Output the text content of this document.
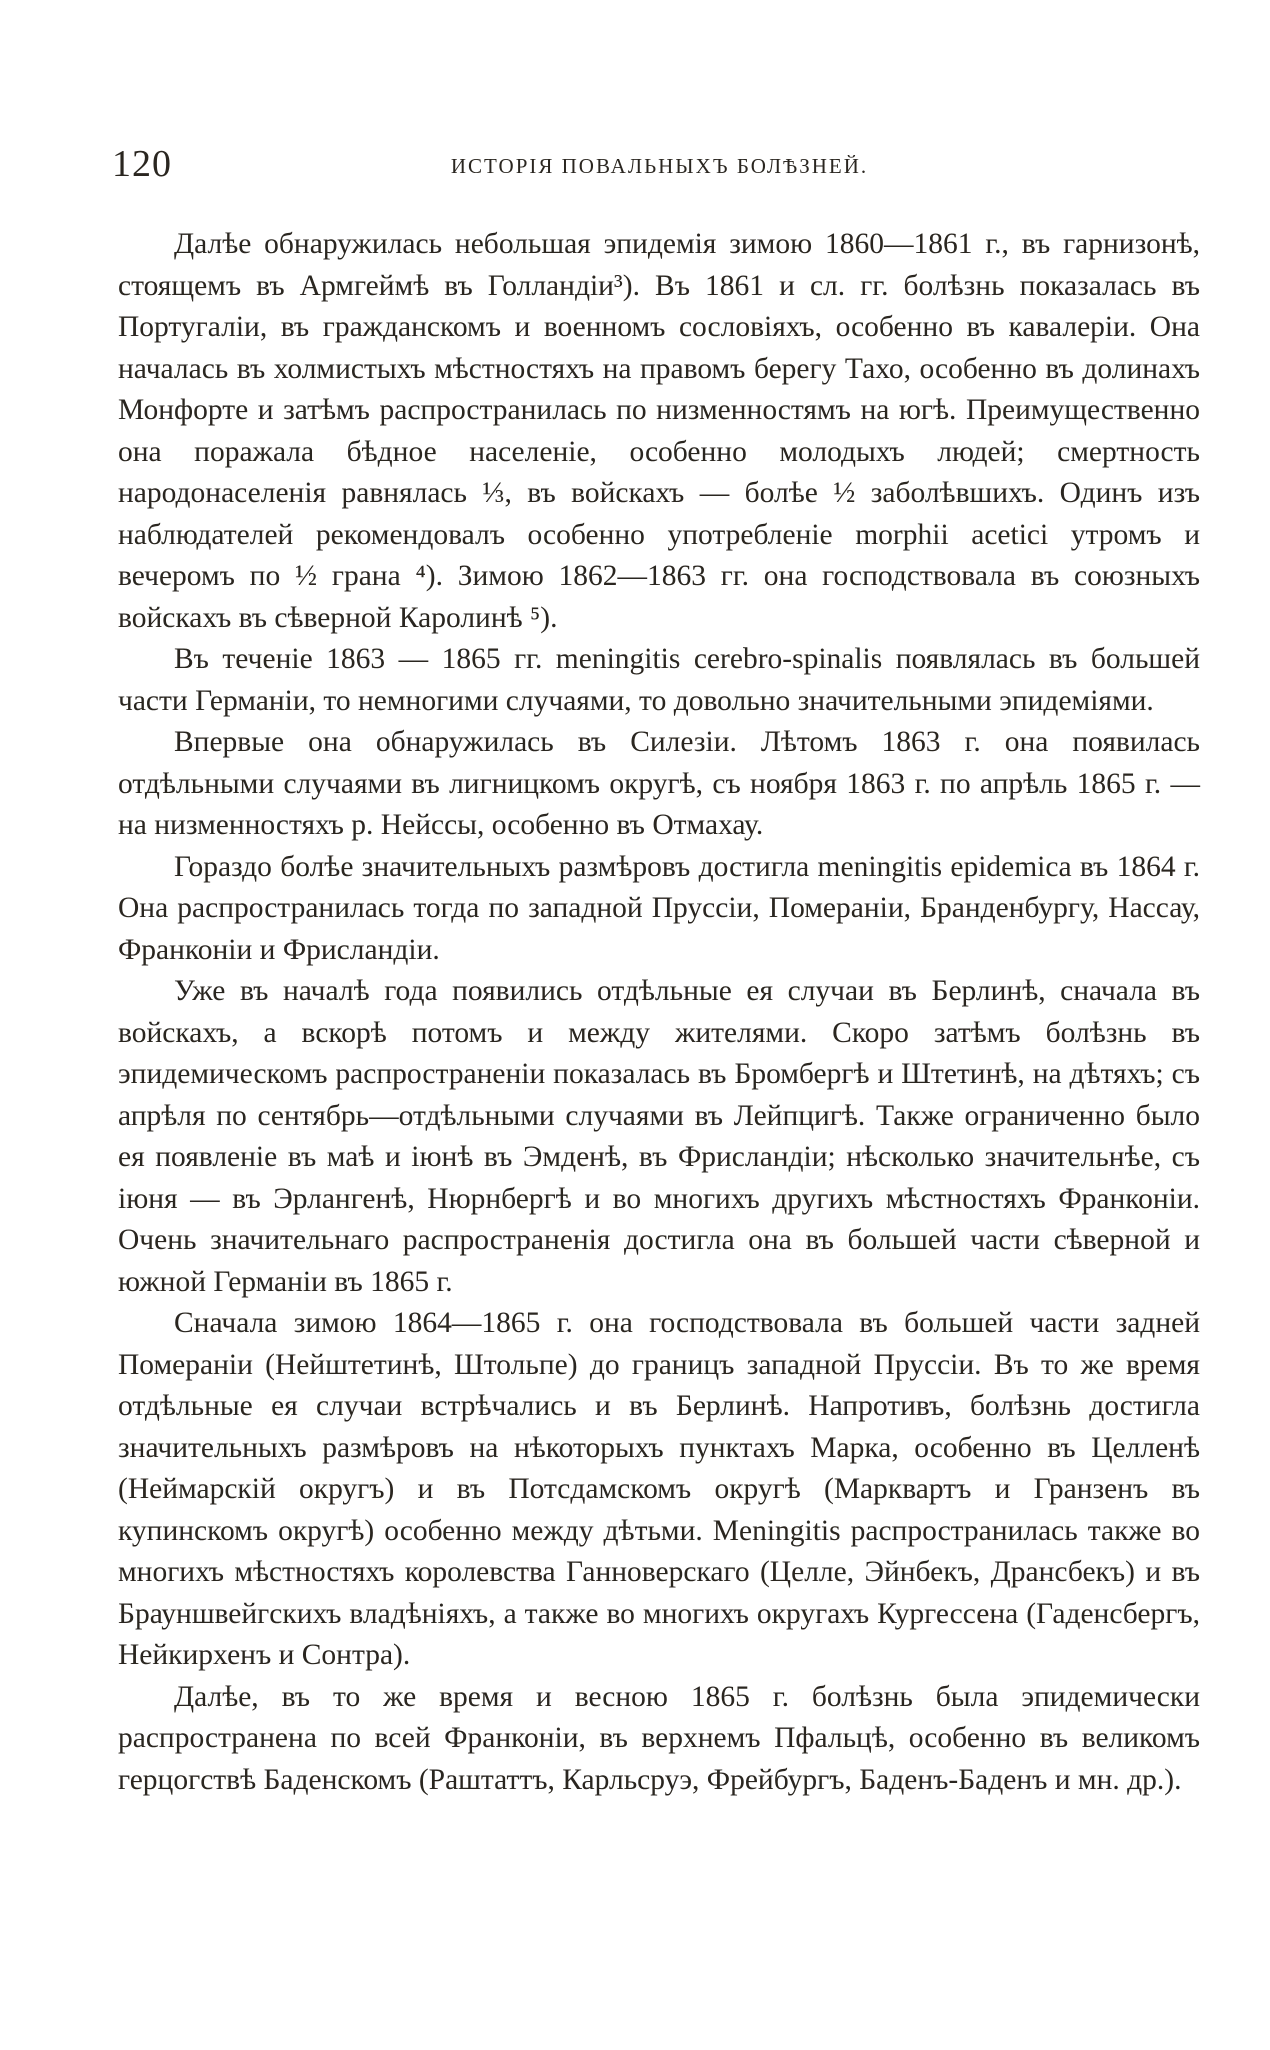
120	ИСТОРІЯ ПОВАЛЬНЫХЪ БОЛѢЗНЕЙ.

Далѣе обнаружилась небольшая эпидемія зимою 1860—1861 г., въ гарнизонѣ, стоящемъ въ Армгеймѣ въ Голландіи³). Въ 1861 и сл. гг. болѣзнь показалась въ Португаліи, въ гражданскомъ и военномъ сословіяхъ, особенно въ кавалеріи. Она началась въ холмистыхъ мѣстностяхъ на правомъ берегу Тахо, особенно въ долинахъ Монфорте и затѣмъ распространилась по низменностямъ на югѣ. Преимущественно она поражала бѣдное населеніе, особенно молодыхъ людей; смертность народонаселенія равнялась ⅓, въ войскахъ — болѣе ½ заболѣвшихъ. Одинъ изъ наблюдателей рекомендовалъ особенно употребленіе morphii acetici утромъ и вечеромъ по ½ грана ⁴). Зимою 1862—1863 гг. она господствовала въ союзныхъ войскахъ въ сѣверной Каролинѣ ⁵).

Въ теченіе 1863 — 1865 гг. meningitis cerebro-spinalis появлялась въ большей части Германіи, то немногими случаями, то довольно значительными эпидеміями.

Впервые она обнаружилась въ Силезіи. Лѣтомъ 1863 г. она появилась отдѣльными случаями въ лигницкомъ округѣ, съ ноября 1863 г. по апрѣль 1865 г. — на низменностяхъ р. Нейссы, особенно въ Отмахау.

Гораздо болѣе значительныхъ размѣровъ достигла meningitis epidemica въ 1864 г. Она распространилась тогда по западной Пруссіи, Помераніи, Бранденбургу, Нассау, Франконіи и Фрисландіи.

Уже въ началѣ года появились отдѣльные ея случаи въ Берлинѣ, сначала въ войскахъ, а вскорѣ потомъ и между жителями. Скоро затѣмъ болѣзнь въ эпидемическомъ распространеніи показалась въ Бромбергѣ и Штетинѣ, на дѣтяхъ; съ апрѣля по сентябрь—отдѣльными случаями въ Лейпцигѣ. Также ограниченно было ея появленіе въ маѣ и іюнѣ въ Эмденѣ, въ Фрисландіи; нѣсколько значительнѣе, съ іюня — въ Эрлангенѣ, Нюрнбергѣ и во многихъ другихъ мѣстностяхъ Франконіи. Очень значительнаго распространенія достигла она въ большей части сѣверной и южной Германіи въ 1865 г.

Сначала зимою 1864—1865 г. она господствовала въ большей части задней Помераніи (Нейштетинѣ, Штольпе) до границъ западной Пруссіи. Въ то же время отдѣльные ея случаи встрѣчались и въ Берлинѣ. Напротивъ, болѣзнь достигла значительныхъ размѣровъ на нѣкоторыхъ пунктахъ Марка, особенно въ Целленѣ (Неймарскій округъ) и въ Потсдамскомъ округѣ (Марквартъ и Гранзенъ въ купинскомъ округѣ) особенно между дѣтьми. Meningitis распространилась также во многихъ мѣстностяхъ королевства Ганноверскаго (Целле, Эйнбекъ, Дрансбекъ) и въ Брауншвейгскихъ владѣніяхъ, а также во многихъ округахъ Кургессена (Гаденсбергъ, Нейкирхенъ и Сонтра).

Далѣе, въ то же время и весною 1865 г. болѣзнь была эпидемически распространена по всей Франконіи, въ верхнемъ Пфальцѣ, особенно въ великомъ герцогствѣ Баденскомъ (Раштаттъ, Карльсруэ, Фрейбургъ, Баденъ-Баденъ и мн. др.).
